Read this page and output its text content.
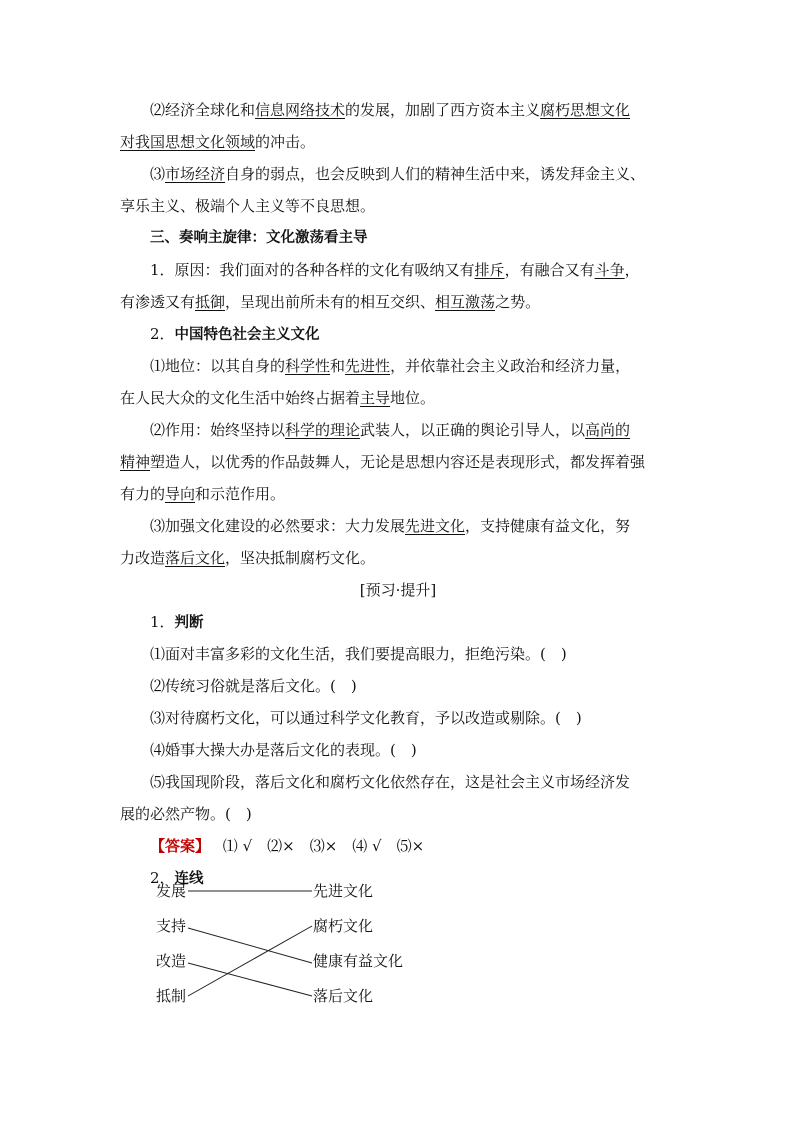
⑵经济全球化和信息网络技术的发展，加剧了西方资本主义腐朽思想文化
对我国思想文化领域的冲击。
⑶市场经济自身的弱点，也会反映到人们的精神生活中来，诱发拜金主义、
享乐主义、极端个人主义等不良思想。
三、奏响主旋律：文化激荡看主导
1．原因：我们面对的各种各样的文化有吸纳又有排斥，有融合又有斗争，
有渗透又有抵御，呈现出前所未有的相互交织、相互激荡之势。
2．中国特色社会主义文化
⑴地位：以其自身的科学性和先进性，并依靠社会主义政治和经济力量，
在人民大众的文化生活中始终占据着主导地位。
⑵作用：始终坚持以科学的理论武装人，以正确的舆论引导人，以高尚的
精神塑造人，以优秀的作品鼓舞人，无论是思想内容还是表现形式，都发挥着强
有力的导向和示范作用。
⑶加强文化建设的必然要求：大力发展先进文化，支持健康有益文化，努
力改造落后文化，坚决抵制腐朽文化。
[预习·提升]
1．判断
⑴面对丰富多彩的文化生活，我们要提高眼力，拒绝污染。(　)
⑵传统习俗就是落后文化。(　)
⑶对待腐朽文化，可以通过科学文化教育，予以改造或剔除。(　)
⑷婚事大操大办是落后文化的表现。(　)
⑸我国现阶段，落后文化和腐朽文化依然存在，这是社会主义市场经济发
展的必然产物。(　)
【答案】 ⑴ √　⑵×　⑶×　⑷ √　⑸×
2．连线
发展
支持
改造
抵制
先进文化
腐朽文化
健康有益文化
落后文化
